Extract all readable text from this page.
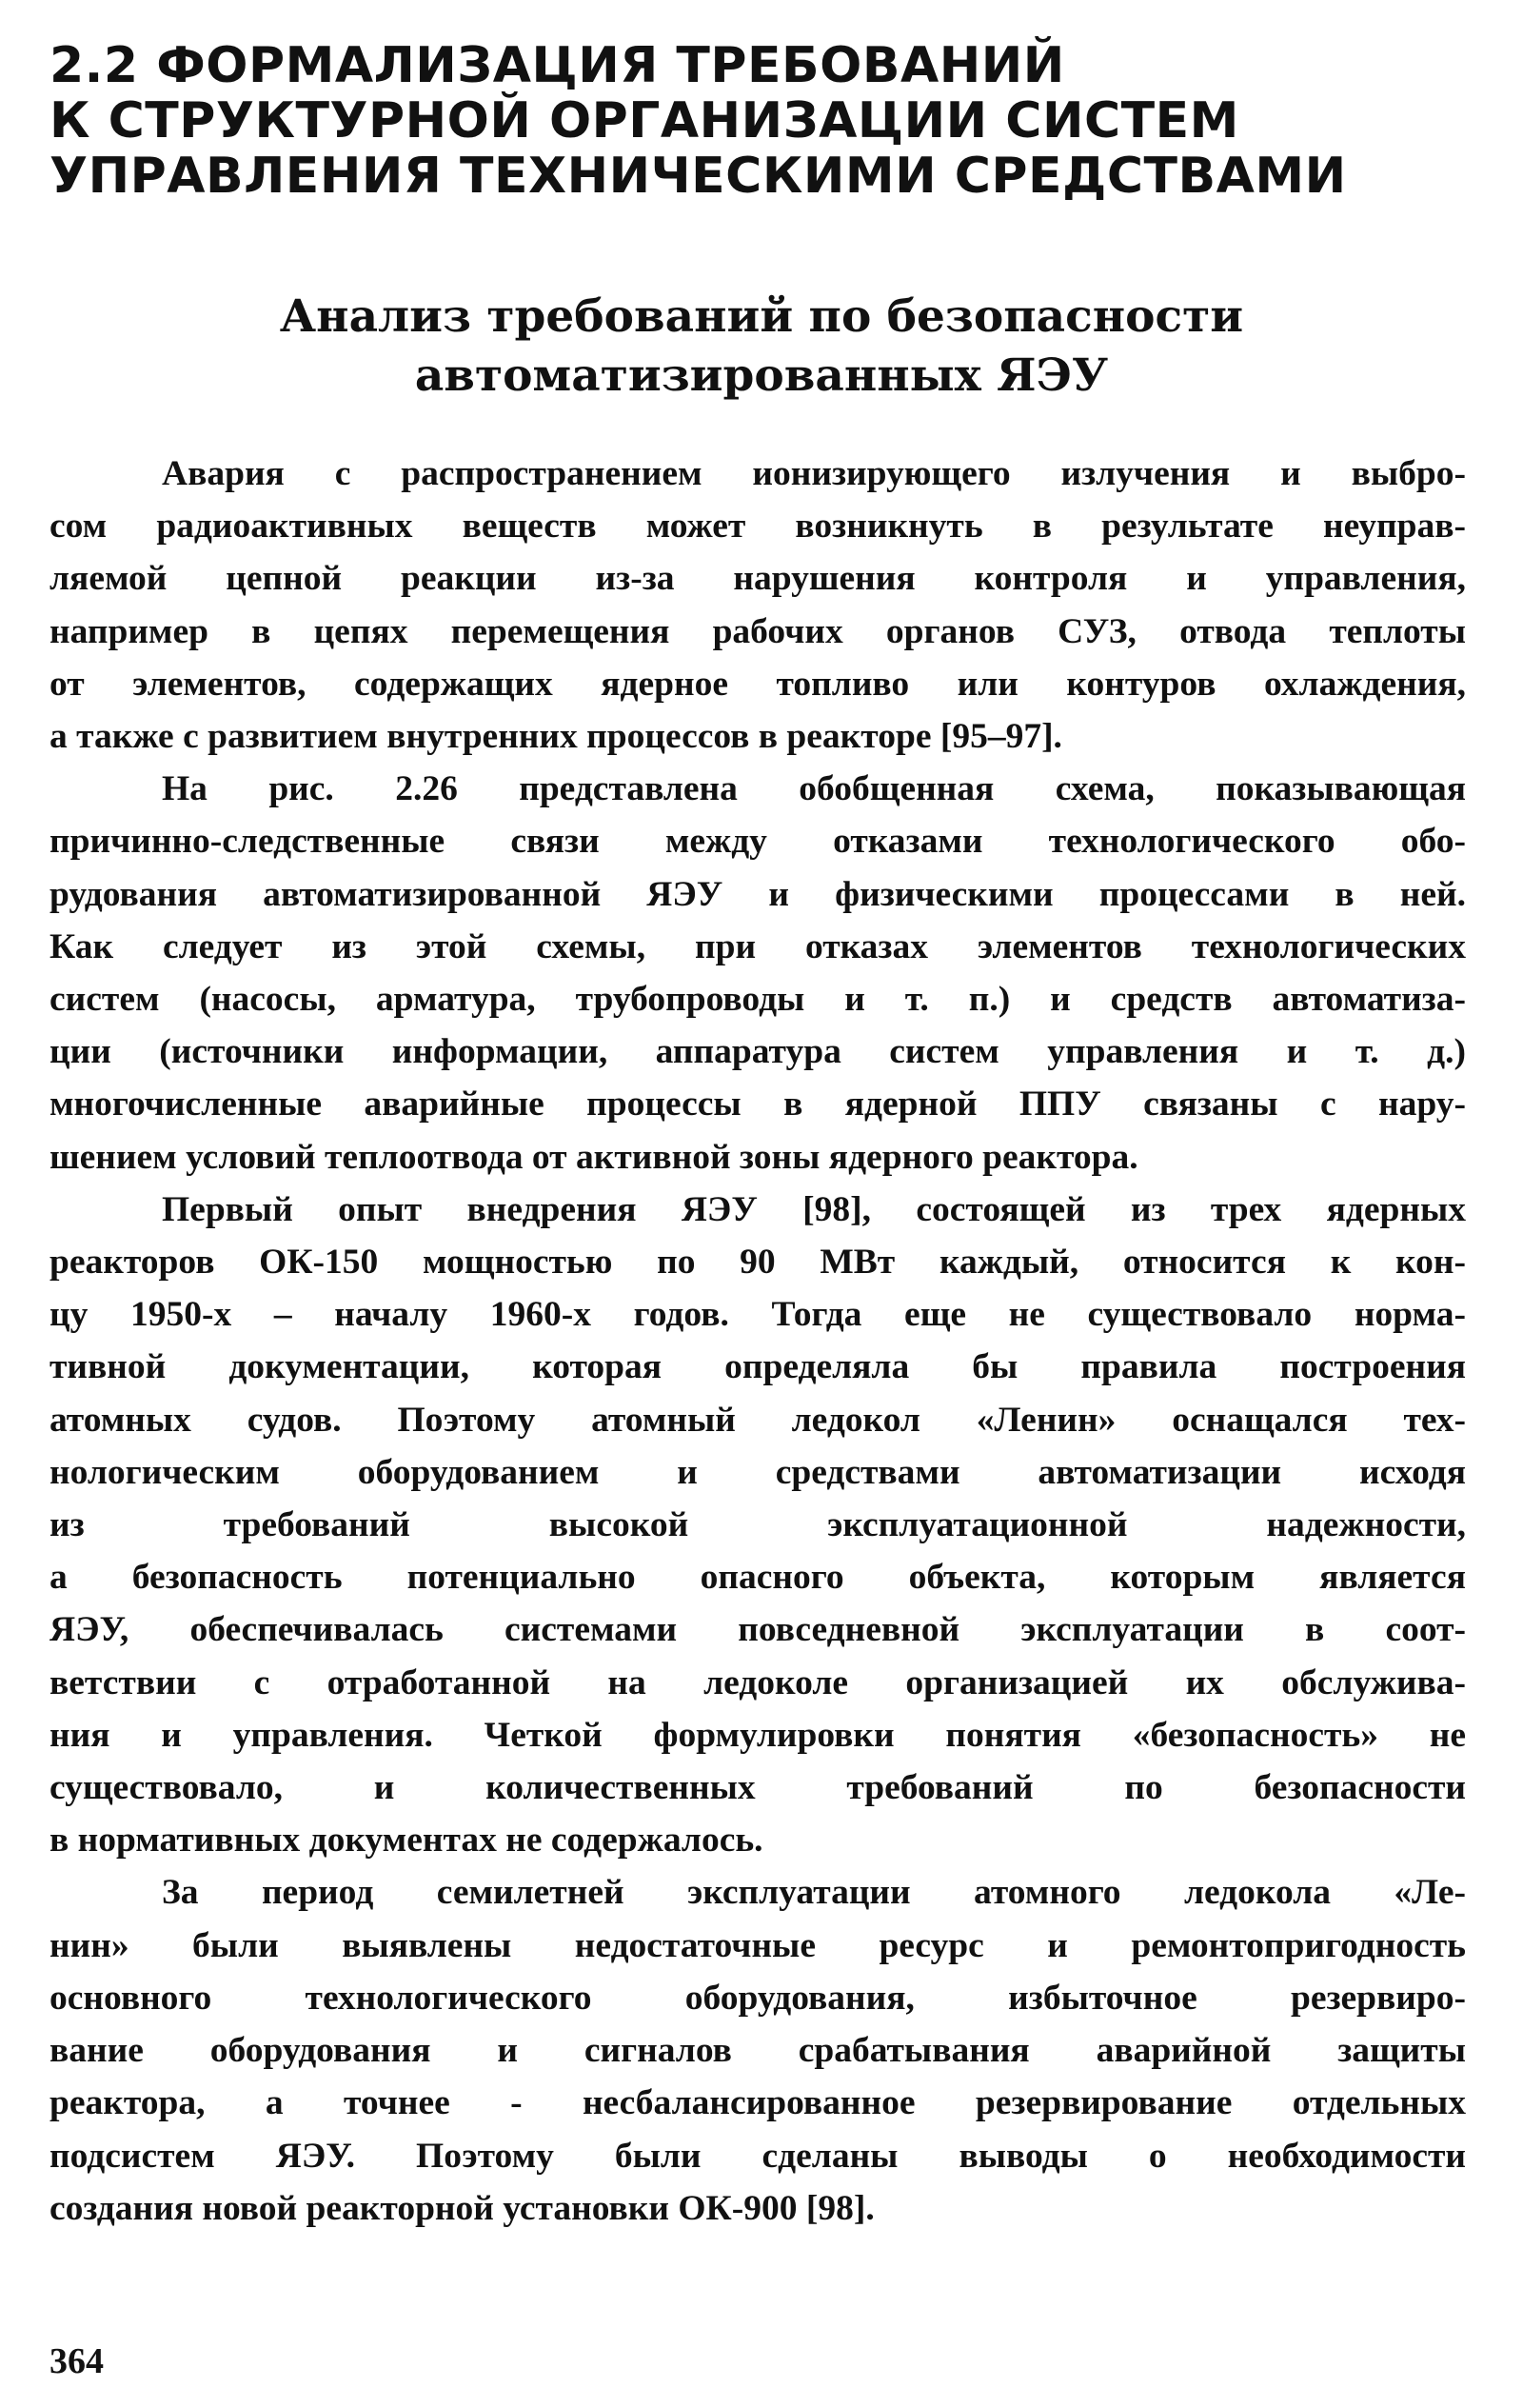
2.2 ФОРМАЛИЗАЦИЯ ТРЕБОВАНИЙ
К СТРУКТУРНОЙ ОРГАНИЗАЦИИ СИСТЕМ
УПРАВЛЕНИЯ ТЕХНИЧЕСКИМИ СРЕДСТВАМИ
Анализ требований по безопасности
автоматизированных ЯЭУ
Авария с распространением ионизирующего излучения и выбро-
сом радиоактивных веществ может возникнуть в результате неуправ-
ляемой цепной реакции из-за нарушения контроля и управления,
например в цепях перемещения рабочих органов СУЗ, отвода теплоты
от элементов, содержащих ядерное топливо или контуров охлаждения,
а также с развитием внутренних процессов в реакторе [95–97].
На рис. 2.26 представлена обобщенная схема, показывающая
причинно-следственные связи между отказами технологического обо-
рудования автоматизированной ЯЭУ и физическими процессами в ней.
Как следует из этой схемы, при отказах элементов технологических
систем (насосы, арматура, трубопроводы и т. п.) и средств автоматиза-
ции (источники информации, аппаратура систем управления и т. д.)
многочисленные аварийные процессы в ядерной ППУ связаны с нару-
шением условий теплоотвода от активной зоны ядерного реактора.
Первый опыт внедрения ЯЭУ [98], состоящей из трех ядерных
реакторов ОК-150 мощностью по 90 МВт каждый, относится к кон-
цу 1950-х – началу 1960-х годов. Тогда еще не существовало норма-
тивной документации, которая определяла бы правила построения
атомных судов. Поэтому атомный ледокол «Ленин» оснащался тех-
нологическим оборудованием и средствами автоматизации исходя
из требований высокой эксплуатационной надежности,
а безопасность потенциально опасного объекта, которым является
ЯЭУ, обеспечивалась системами повседневной эксплуатации в соот-
ветствии с отработанной на ледоколе организацией их обслужива-
ния и управления. Четкой формулировки понятия «безопасность» не
существовало, и количественных требований по безопасности
в нормативных документах не содержалось.
За период семилетней эксплуатации атомного ледокола «Ле-
нин» были выявлены недостаточные ресурс и ремонтопригодность
основного технологического оборудования, избыточное резервиро-
вание оборудования и сигналов срабатывания аварийной защиты
реактора, а точнее - несбалансированное резервирование отдельных
подсистем ЯЭУ. Поэтому были сделаны выводы о необходимости
создания новой реакторной установки ОК-900 [98].
364
